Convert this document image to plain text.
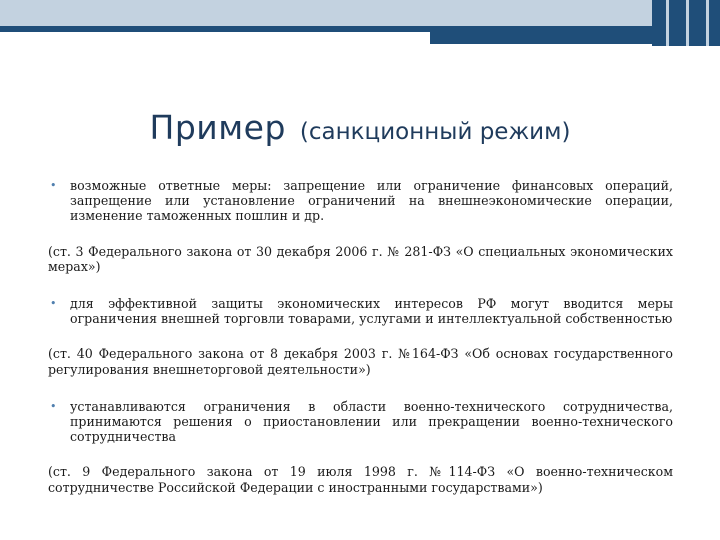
Пример (санкционный режим)
• возможные ответные меры: запрещение или ограничение финансовых операций, запрещение или установление ограничений на внешнеэкономические операции, изменение таможенных пошлин и др.
(ст. 3 Федерального закона от 30 декабря 2006 г. № 281-ФЗ «О специальных экономических мерах»)
• для эффективной защиты экономических интересов РФ могут вводится меры ограничения внешней торговли товарами, услугами и интеллектуальной собственностью
(ст. 40 Федерального закона от 8 декабря 2003 г. №164-ФЗ «Об основах государственного регулирования внешнеторговой деятельности»)
• устанавливаются ограничения в области военно-технического сотрудничества, принимаются решения о приостановлении или прекращении военно-технического сотрудничества
(ст. 9 Федерального закона от 19 июля 1998 г. №114-ФЗ «О военно-техническом сотрудничестве Российской Федерации с иностранными государствами»)
